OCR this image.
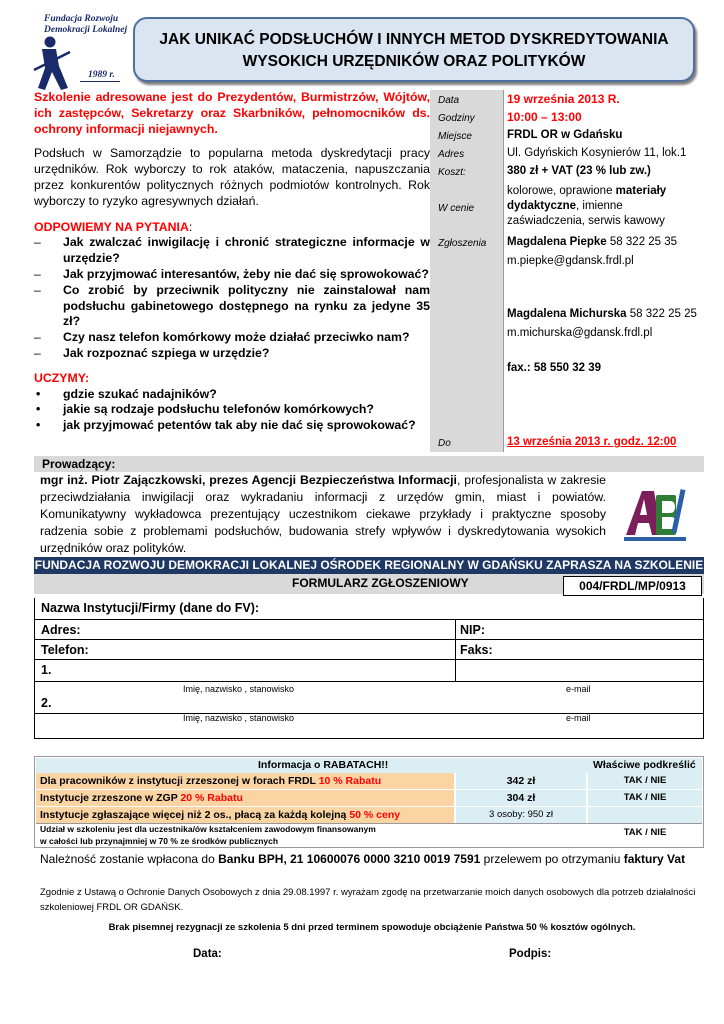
Fundacja Rozwoju
Demokracji Lokalnej
1989 r.
JAK UNIKAĆ PODSŁUCHÓW I INNYCH METOD DYSKREDYTOWANIA
WYSOKICH URZĘDNIKÓW ORAZ POLITYKÓW
Szkolenie adresowane jest do Prezydentów, Burmistrzów, Wójtów, ich zastępców, Sekretarzy oraz Skarbników, pełnomocników ds. ochrony informacji niejawnych.
Podsłuch w Samorządzie to popularna metoda dyskredytacji pracy urzędników. Rok wyborczy to rok ataków, mataczenia, napuszczania przez konkurentów politycznych różnych podmiotów kontrolnych. Rok wyborczy to ryzyko agresywnych działań.
ODPOWIEMY NA PYTANIA:
– Jak zwalczać inwigilację i chronić strategiczne informacje w urzędzie?
– Jak przyjmować interesantów, żeby nie dać się sprowokować?
– Co zrobić by przeciwnik polityczny nie zainstalował nam podsłuchu gabinetowego dostępnego na rynku za jedyne 35 zł?
– Czy nasz telefon komórkowy może działać przeciwko nam?
– Jak rozpoznać szpiega w urzędzie?
UCZYMY:
• gdzie szukać nadajników?
• jakie są rodzaje podsłuchu telefonów komórkowych?
• jak przyjmować petentów tak aby nie dać się sprowokować?
Data	19 września 2013 R.
Godziny	10:00 – 13:00
Miejsce	FRDL OR w Gdańsku
Adres	Ul. Gdyńskich Kosynierów 11, lok.1
Koszt:	380 zł + VAT (23 % lub zw.)
W cenie
kolorowe, oprawione materiały dydaktyczne, imienne zaświadczenia, serwis kawowy
Zgłoszenia Magdalena Piepke 58 322 25 35
m.piepke@gdansk.frdl.pl
Magdalena Michurska 58 322 25 25
m.michurska@gdansk.frdl.pl
fax.: 58 550 32 39
Do	13 września 2013 r. godz. 12:00
Prowadzący:
mgr inż. Piotr Zajączkowski, prezes Agencji Bezpieczeństwa Informacji, profesjonalista w zakresie przeciwdziałania inwigilacji oraz wykradaniu informacji z urzędów gmin, miast i powiatów. Komunikatywny wykładowca prezentujący uczestnikom ciekawe przykłady i praktyczne sposoby radzenia sobie z problemami podsłuchów, budowania strefy wpływów i dyskredytowania wysokich urzędników oraz polityków.
FUNDACJA ROZWOJU DEMOKRACJI LOKALNEJ OŚRODEK REGIONALNY W GDAŃSKU ZAPRASZA NA SZKOLENIE
FORMULARZ ZGŁOSZENIOWY	004/FRDL/MP/0913
Nazwa Instytucji/Firmy (dane do FV):
Adres:	NIP:
Telefon:	Faks:
1.
Imię, nazwisko , stanowisko	e-mail
2.
Imię, nazwisko , stanowisko	e-mail
Informacja o RABATACH!!	Właściwe podkreślić
Dla pracowników z instytucji zrzeszonej w forach FRDL 10 % Rabatu	342 zł	TAK / NIE
Instytucje zrzeszone w ZGP 20 % Rabatu	304 zł	TAK / NIE
Instytucje zgłaszające więcej niż 2 os., płacą za każdą kolejną 50 % ceny	3 osoby: 950 zł
Udział w szkoleniu jest dla uczestnika/ów kształceniem zawodowym finansowanym
w całości lub przynajmniej w 70 % ze środków publicznych
TAK / NIE
Należność zostanie wpłacona do Banku BPH, 21 10600076 0000 3210 0019 7591 przelewem po otrzymaniu faktury Vat
Zgodnie z Ustawą o Ochronie Danych Osobowych z dnia 29.08.1997 r. wyrażam zgodę na przetwarzanie moich danych osobowych dla potrzeb działalności szkoleniowej FRDL OR GDAŃSK.
Brak pisemnej rezygnacji ze szkolenia 5 dni przed terminem spowoduje obciążenie Państwa 50 % kosztów ogólnych.
Data:	Podpis:
